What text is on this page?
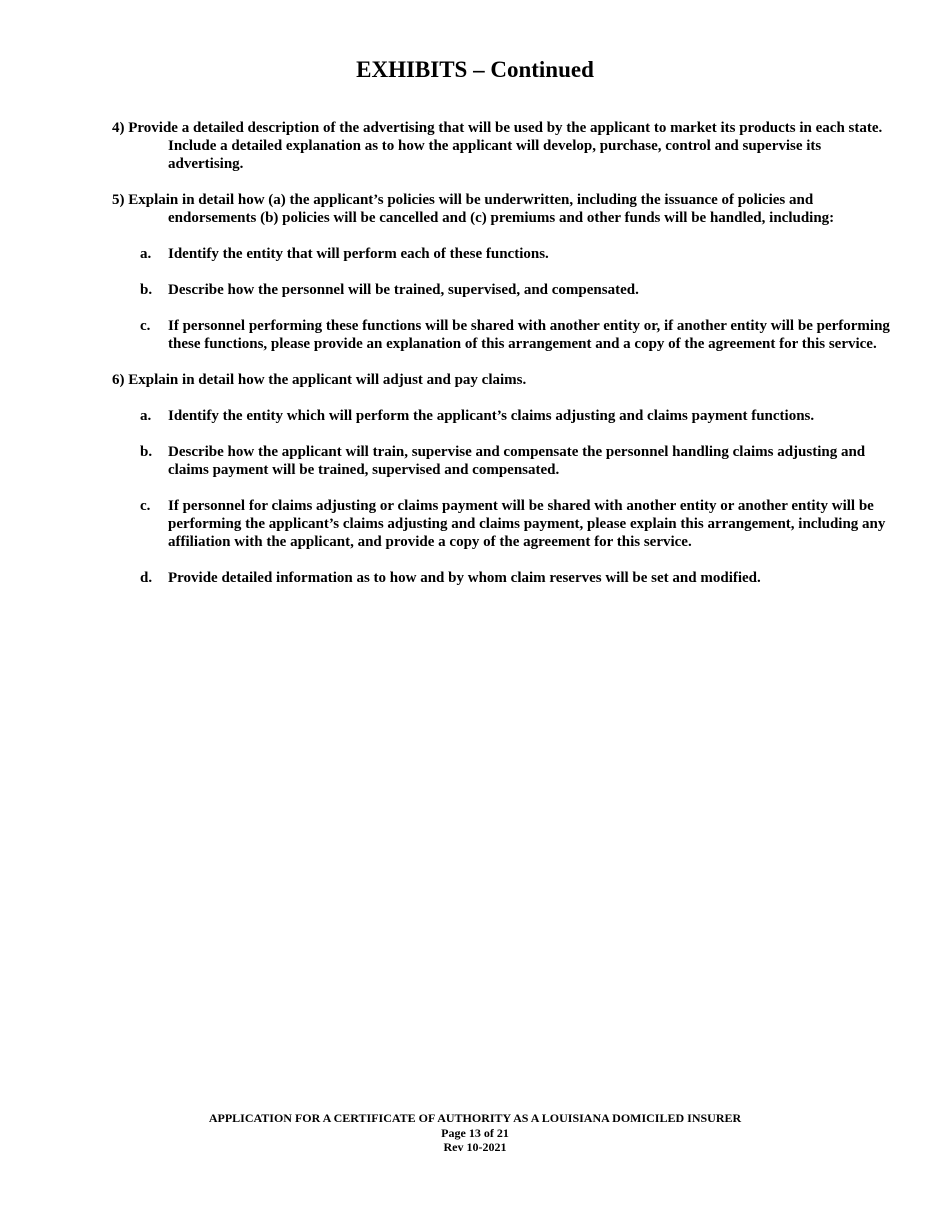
EXHIBITS – Continued
4) Provide a detailed description of the advertising that will be used by the applicant to market its products in each state. Include a detailed explanation as to how the applicant will develop, purchase, control and supervise its advertising.
5) Explain in detail how (a) the applicant’s policies will be underwritten, including the issuance of policies and endorsements (b) policies will be cancelled and (c) premiums and other funds will be handled, including:
a. Identify the entity that will perform each of these functions.
b. Describe how the personnel will be trained, supervised, and compensated.
c. If personnel performing these functions will be shared with another entity or, if another entity will be performing these functions, please provide an explanation of this arrangement and a copy of the agreement for this service.
6) Explain in detail how the applicant will adjust and pay claims.
a. Identify the entity which will perform the applicant’s claims adjusting and claims payment functions.
b. Describe how the applicant will train, supervise and compensate the personnel handling claims adjusting and claims payment will be trained, supervised and compensated.
c. If personnel for claims adjusting or claims payment will be shared with another entity or another entity will be performing the applicant’s claims adjusting and claims payment, please explain this arrangement, including any affiliation with the applicant, and provide a copy of the agreement for this service.
d. Provide detailed information as to how and by whom claim reserves will be set and modified.
APPLICATION FOR A CERTIFICATE OF AUTHORITY AS A LOUISIANA DOMICILED INSURER
Page 13 of 21
Rev 10-2021
